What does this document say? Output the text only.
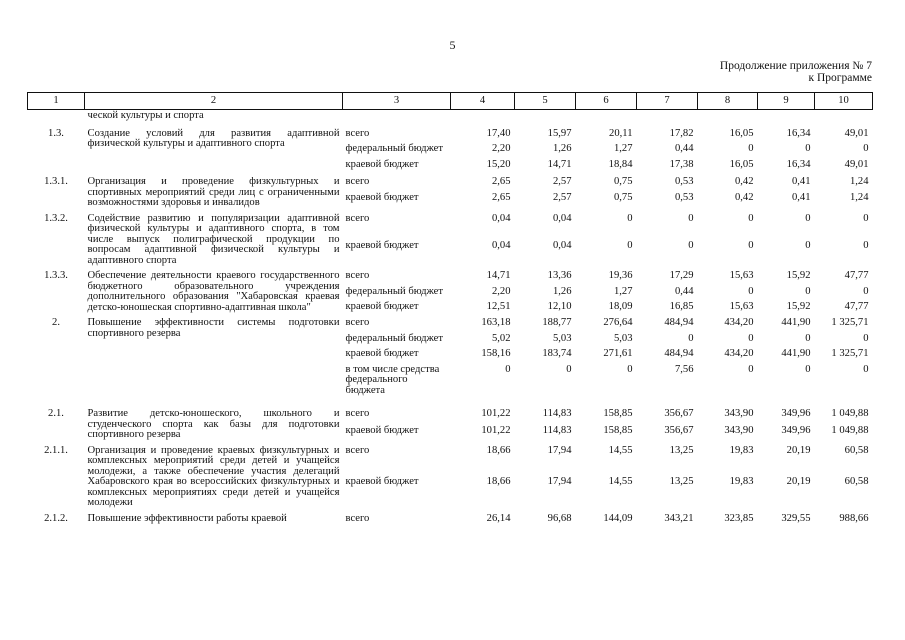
5
Продолжение приложения № 7
к Программе
1	2	3	4	5	6	7	8	9	10
	ческой культуры и спорта								
1.3.	Создание условий для развития адаптивной физической культуры и адаптивного спорта	всего	17,40	15,97	20,11	17,82	16,05	16,34	49,01
		федеральный бюджет	2,20	1,26	1,27	0,44	0	0	0
		краевой бюджет	15,20	14,71	18,84	17,38	16,05	16,34	49,01
1.3.1.	Организация и проведение физкультурных и спортивных мероприятий среди лиц с ограниченными возможностями здоровья и инвалидов	всего	2,65	2,57	0,75	0,53	0,42	0,41	1,24
		краевой бюджет	2,65	2,57	0,75	0,53	0,42	0,41	1,24
1.3.2.	Содействие развитию и популяризации адаптивной физической культуры и адаптивного спорта, в том числе выпуск полиграфической продукции по вопросам адаптивной физической культуры и адаптивного спорта	всего	0,04	0,04	0	0	0	0	0
		краевой бюджет	0,04	0,04	0	0	0	0	0
1.3.3.	Обеспечение деятельности краевого государственного бюджетного образовательного учреждения дополнительного образования "Хабаровская краевая детско-юношеская спортивно-адаптивная школа"	всего	14,71	13,36	19,36	17,29	15,63	15,92	47,77
		федеральный бюджет	2,20	1,26	1,27	0,44	0	0	0
		краевой бюджет	12,51	12,10	18,09	16,85	15,63	15,92	47,77
2.	Повышение эффективности системы подготовки спортивного резерва	всего	163,18	188,77	276,64	484,94	434,20	441,90	1 325,71
		федеральный бюджет	5,02	5,03	5,03	0	0	0	0
		краевой бюджет	158,16	183,74	271,61	484,94	434,20	441,90	1 325,71
		в том числе средства федерального бюджета	0	0	0	7,56	0	0	0
2.1.	Развитие детско-юношеского, школьного и студенческого спорта как базы для подготовки спортивного резерва	всего	101,22	114,83	158,85	356,67	343,90	349,96	1 049,88
		краевой бюджет	101,22	114,83	158,85	356,67	343,90	349,96	1 049,88
2.1.1.	Организация и проведение краевых физкультурных и комплексных мероприятий среди детей и учащейся молодежи, а также обеспечение участия делегаций Хабаровского края во всероссийских физкультурных и комплексных мероприятиях среди детей и учащейся молодежи	всего	18,66	17,94	14,55	13,25	19,83	20,19	60,58
		краевой бюджет	18,66	17,94	14,55	13,25	19,83	20,19	60,58
2.1.2.	Повышение эффективности работы краевой	всего	26,14	96,68	144,09	343,21	323,85	329,55	988,66
